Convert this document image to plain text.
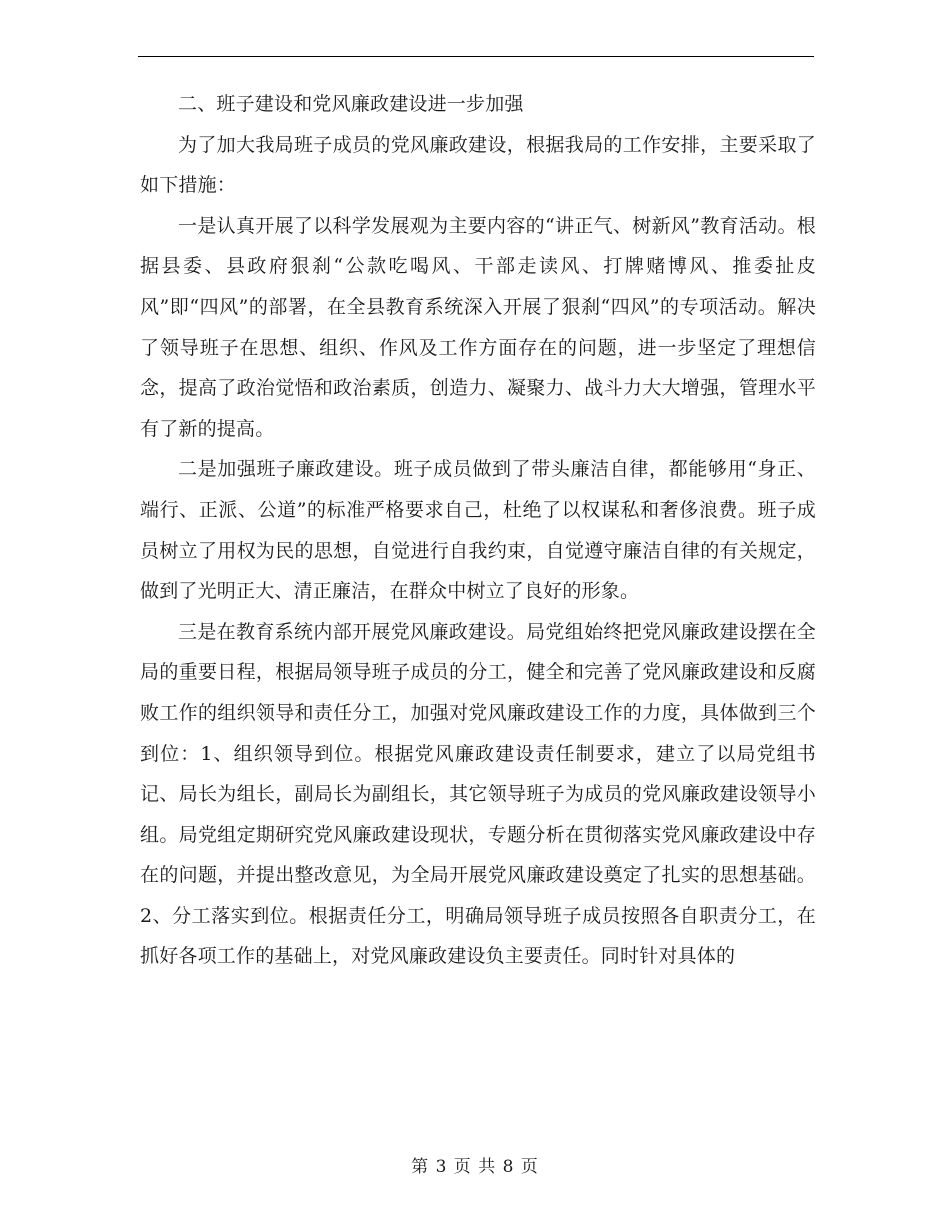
二、班子建设和党风廉政建设进一步加强

为了加大我局班子成员的党风廉政建设，根据我局的工作安排，主要采取了如下措施：

一是认真开展了以科学发展观为主要内容的“讲正气、树新风”教育活动。根据县委、县政府狠刹“公款吃喝风、干部走读风、打牌赌博风、推委扯皮风”即“四风”的部署，在全县教育系统深入开展了狠刹“四风”的专项活动。解决了领导班子在思想、组织、作风及工作方面存在的问题，进一步坚定了理想信念，提高了政治觉悟和政治素质，创造力、凝聚力、战斗力大大增强，管理水平有了新的提高。

二是加强班子廉政建设。班子成员做到了带头廉洁自律，都能够用“身正、端行、正派、公道”的标准严格要求自己，杜绝了以权谋私和奢侈浪费。班子成员树立了用权为民的思想，自觉进行自我约束，自觉遵守廉洁自律的有关规定，做到了光明正大、清正廉洁，在群众中树立了良好的形象。

三是在教育系统内部开展党风廉政建设。局党组始终把党风廉政建设摆在全局的重要日程，根据局领导班子成员的分工，健全和完善了党风廉政建设和反腐败工作的组织领导和责任分工，加强对党风廉政建设工作的力度，具体做到三个到位：1、组织领导到位。根据党风廉政建设责任制要求，建立了以局党组书记、局长为组长，副局长为副组长，其它领导班子为成员的党风廉政建设领导小组。局党组定期研究党风廉政建设现状，专题分析在贯彻落实党风廉政建设中存在的问题，并提出整改意见，为全局开展党风廉政建设奠定了扎实的思想基础。2、分工落实到位。根据责任分工，明确局领导班子成员按照各自职责分工，在抓好各项工作的基础上，对党风廉政建设负主要责任。同时针对具体的

第 3 页 共 8 页
